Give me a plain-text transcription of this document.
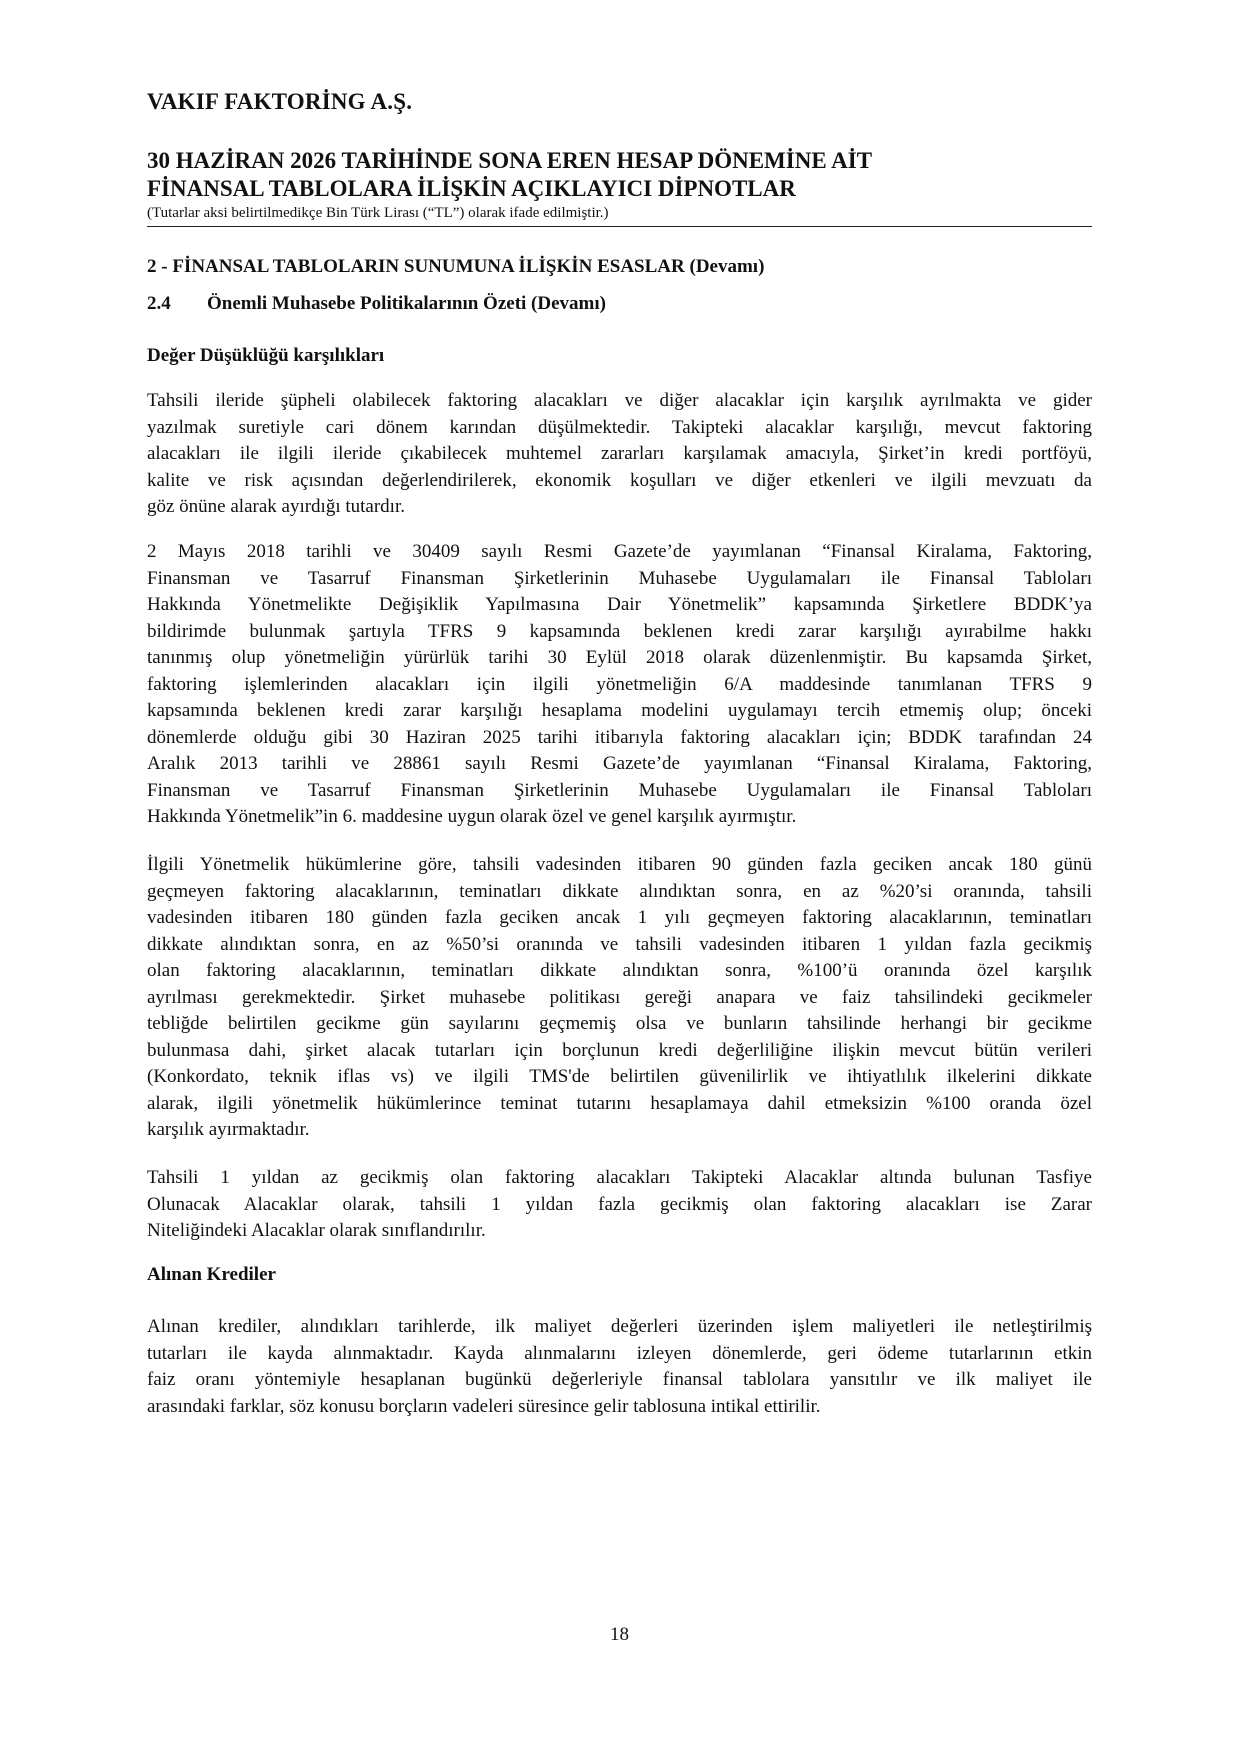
VAKIF FAKTORİNG A.Ş.
30 HAZİRAN 2026 TARİHİNDE SONA EREN HESAP DÖNEMİNE AİT
FİNANSAL TABLOLARA İLİŞKİN AÇIKLAYICI DİPNOTLAR
(Tutarlar aksi belirtilmedikçe Bin Türk Lirası (“TL”) olarak ifade edilmiştir.)
2 - FİNANSAL TABLOLARIN SUNUMUNA İLİŞKİN ESASLAR (Devamı)
2.4 Önemli Muhasebe Politikalarının Özeti (Devamı)
Değer Düşüklüğü karşılıkları
Tahsili ileride şüpheli olabilecek faktoring alacakları ve diğer alacaklar için karşılık ayrılmakta ve gider
yazılmak suretiyle cari dönem karından düşülmektedir. Takipteki alacaklar karşılığı, mevcut faktoring
alacakları ile ilgili ileride çıkabilecek muhtemel zararları karşılamak amacıyla, Şirket’in kredi portföyü,
kalite ve risk açısından değerlendirilerek, ekonomik koşulları ve diğer etkenleri ve ilgili mevzuatı da
göz önüne alarak ayırdığı tutardır.
2 Mayıs 2018 tarihli ve 30409 sayılı Resmi Gazete’de yayımlanan “Finansal Kiralama, Faktoring,
Finansman ve Tasarruf Finansman Şirketlerinin Muhasebe Uygulamaları ile Finansal Tabloları
Hakkında Yönetmelikte Değişiklik Yapılmasına Dair Yönetmelik” kapsamında Şirketlere BDDK’ya
bildirimde bulunmak şartıyla TFRS 9 kapsamında beklenen kredi zarar karşılığı ayırabilme hakkı
tanınmış olup yönetmeliğin yürürlük tarihi 30 Eylül 2018 olarak düzenlenmiştir. Bu kapsamda Şirket,
faktoring işlemlerinden alacakları için ilgili yönetmeliğin 6/A maddesinde tanımlanan TFRS 9
kapsamında beklenen kredi zarar karşılığı hesaplama modelini uygulamayı tercih etmemiş olup; önceki
dönemlerde olduğu gibi 30 Haziran 2025 tarihi itibarıyla faktoring alacakları için; BDDK tarafından 24
Aralık 2013 tarihli ve 28861 sayılı Resmi Gazete’de yayımlanan “Finansal Kiralama, Faktoring,
Finansman ve Tasarruf Finansman Şirketlerinin Muhasebe Uygulamaları ile Finansal Tabloları
Hakkında Yönetmelik”in 6. maddesine uygun olarak özel ve genel karşılık ayırmıştır.
İlgili Yönetmelik hükümlerine göre, tahsili vadesinden itibaren 90 günden fazla geciken ancak 180 günü
geçmeyen faktoring alacaklarının, teminatları dikkate alındıktan sonra, en az %20’si oranında, tahsili
vadesinden itibaren 180 günden fazla geciken ancak 1 yılı geçmeyen faktoring alacaklarının, teminatları
dikkate alındıktan sonra, en az %50’si oranında ve tahsili vadesinden itibaren 1 yıldan fazla gecikmiş
olan faktoring alacaklarının, teminatları dikkate alındıktan sonra, %100’ü oranında özel karşılık
ayrılması gerekmektedir. Şirket muhasebe politikası gereği anapara ve faiz tahsilindeki gecikmeler
tebliğde belirtilen gecikme gün sayılarını geçmemiş olsa ve bunların tahsilinde herhangi bir gecikme
bulunmasa dahi, şirket alacak tutarları için borçlunun kredi değerliliğine ilişkin mevcut bütün verileri
(Konkordato, teknik iflas vs) ve ilgili TMS'de belirtilen güvenilirlik ve ihtiyatlılık ilkelerini dikkate
alarak, ilgili yönetmelik hükümlerince teminat tutarını hesaplamaya dahil etmeksizin %100 oranda özel
karşılık ayırmaktadır.
Tahsili 1 yıldan az gecikmiş olan faktoring alacakları Takipteki Alacaklar altında bulunan Tasfiye
Olunacak Alacaklar olarak, tahsili 1 yıldan fazla gecikmiş olan faktoring alacakları ise Zarar
Niteliğindeki Alacaklar olarak sınıflandırılır.
Alınan Krediler
Alınan krediler, alındıkları tarihlerde, ilk maliyet değerleri üzerinden işlem maliyetleri ile netleştirilmiş
tutarları ile kayda alınmaktadır. Kayda alınmalarını izleyen dönemlerde, geri ödeme tutarlarının etkin
faiz oranı yöntemiyle hesaplanan bugünkü değerleriyle finansal tablolara yansıtılır ve ilk maliyet ile
arasındaki farklar, söz konusu borçların vadeleri süresince gelir tablosuna intikal ettirilir.
18
